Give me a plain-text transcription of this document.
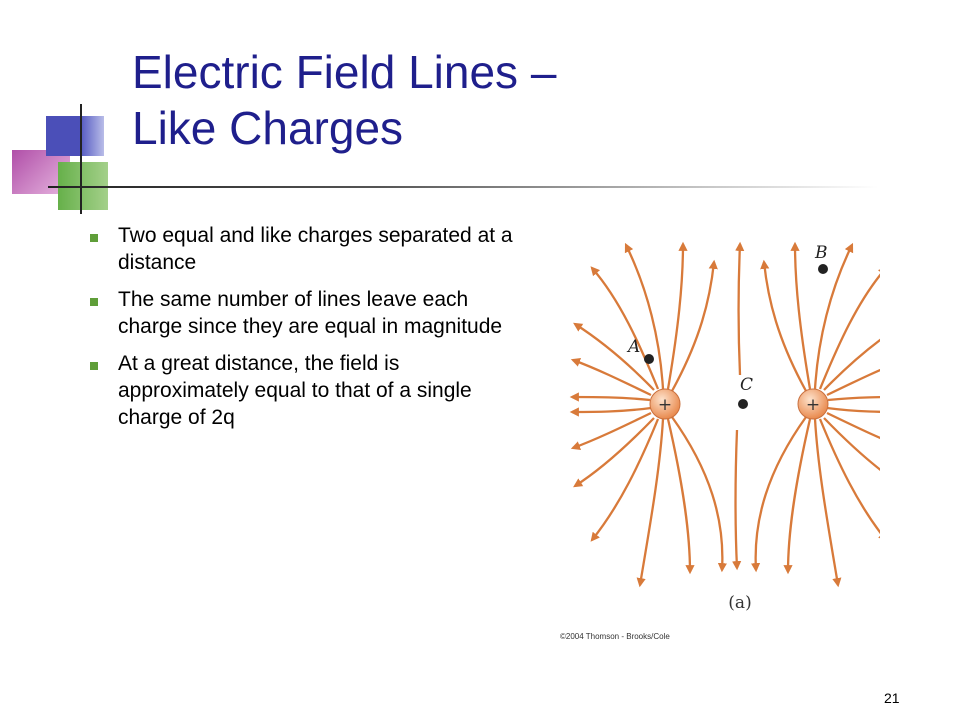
Electric Field Lines –
Like Charges
Two equal and like charges separated at a distance
The same number of lines leave each charge since they are equal in magnitude
At a great distance, the field is approximately equal to that of a single charge of 2q
+	+
A
B
C
(a)
©2004 Thomson - Brooks/Cole
21
